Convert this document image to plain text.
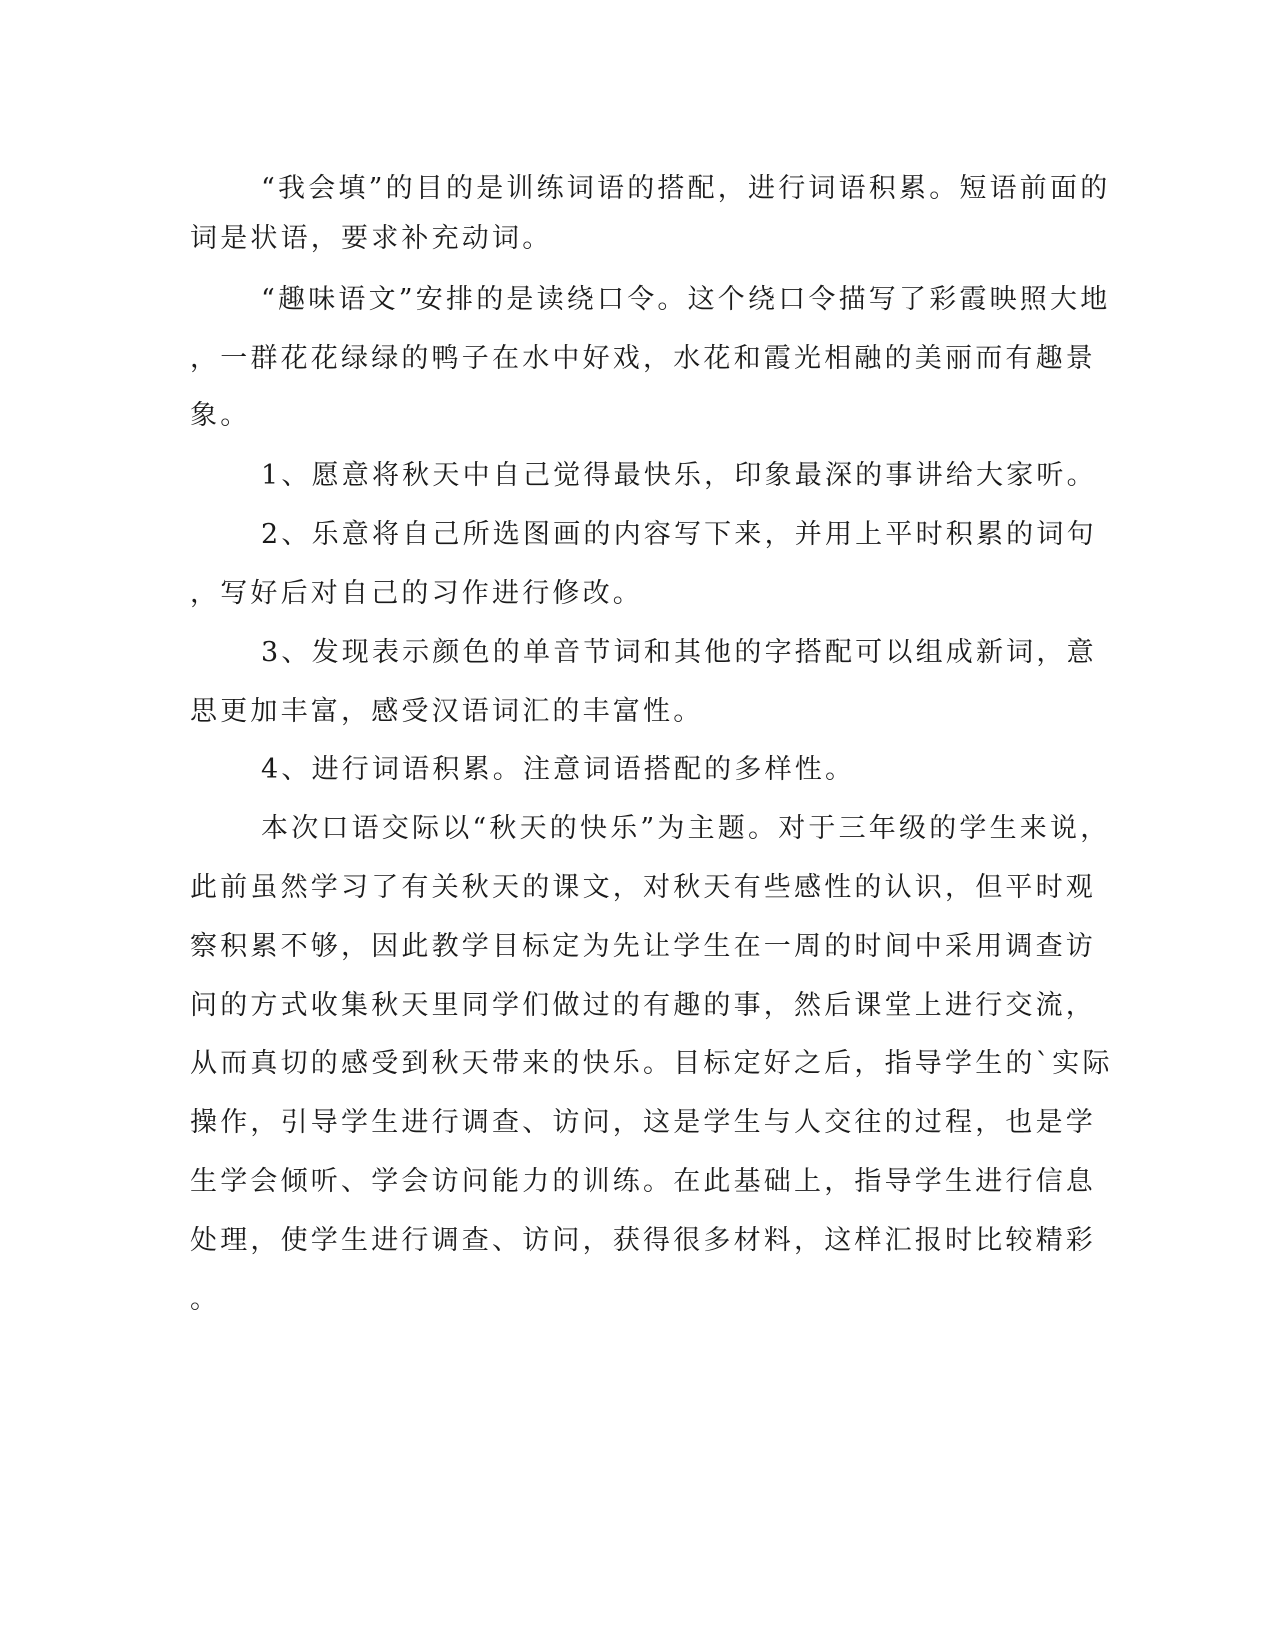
“我会填”的目的是训练词语的搭配，进行词语积累。短语前面的
词是状语，要求补充动词。
“趣味语文”安排的是读绕口令。这个绕口令描写了彩霞映照大地
，一群花花绿绿的鸭子在水中好戏，水花和霞光相融的美丽而有趣景
象。
1、愿意将秋天中自己觉得最快乐，印象最深的事讲给大家听。
2、乐意将自己所选图画的内容写下来，并用上平时积累的词句
，写好后对自己的习作进行修改。
3、发现表示颜色的单音节词和其他的字搭配可以组成新词，意
思更加丰富，感受汉语词汇的丰富性。
4、进行词语积累。注意词语搭配的多样性。
本次口语交际以“秋天的快乐”为主题。对于三年级的学生来说，
此前虽然学习了有关秋天的课文，对秋天有些感性的认识，但平时观
察积累不够，因此教学目标定为先让学生在一周的时间中采用调查访
问的方式收集秋天里同学们做过的有趣的事，然后课堂上进行交流，
从而真切的感受到秋天带来的快乐。目标定好之后，指导学生的`实际
操作，引导学生进行调查、访问，这是学生与人交往的过程，也是学
生学会倾听、学会访问能力的训练。在此基础上，指导学生进行信息
处理，使学生进行调查、访问，获得很多材料，这样汇报时比较精彩
。
